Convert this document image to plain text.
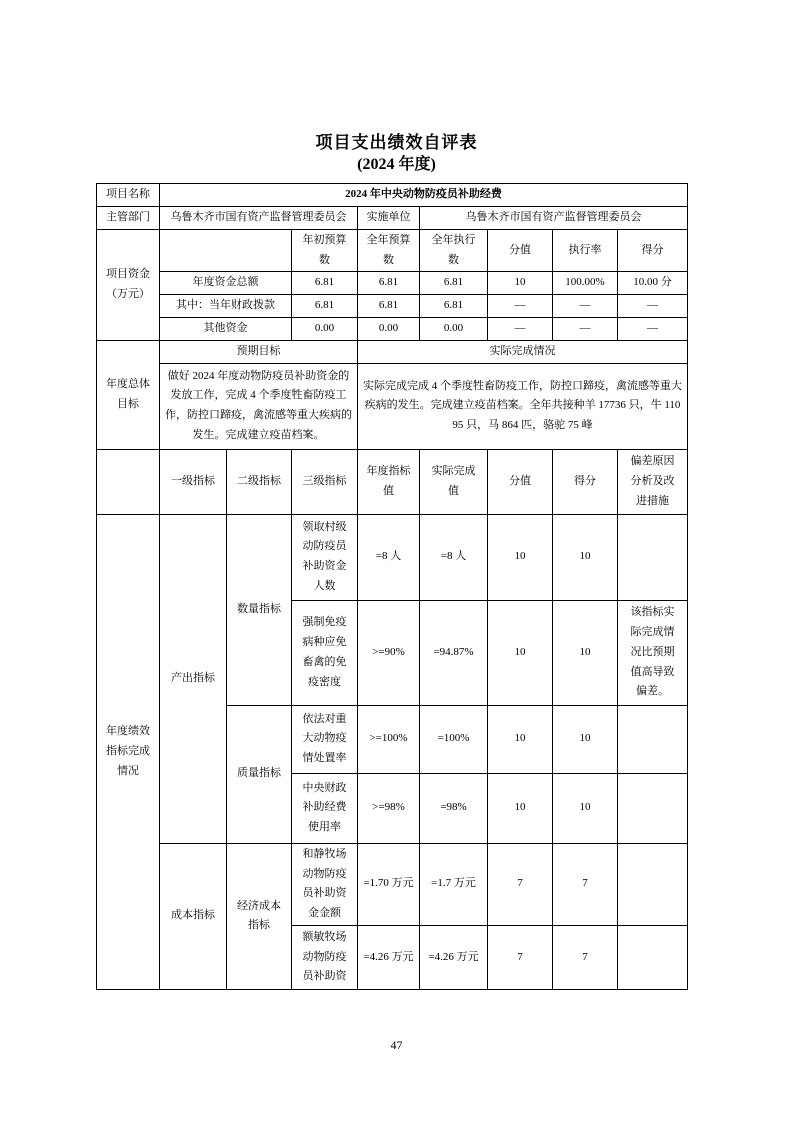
项目支出绩效自评表
(2024 年度)
项目名称	2024 年中央动物防疫员补助经费							
主管部门	乌鲁木齐市国有资产监督管理委员会			实施单位	乌鲁木齐市国有资产监督管理委员会			
项目资金（万元）			年初预算数	全年预算数	全年执行数	分值	执行率	得分
	年度资金总额		6.81	6.81	6.81	10	100.00%	10.00 分
	其中：当年财政拨款		6.81	6.81	6.81	—	—	—
	其他资金		0.00	0.00	0.00	—	—	—
年度总体目标	预期目标			实际完成情况				
	做好 2024 年度动物防疫员补助资金的发放工作，完成 4 个季度牲畜防疫工作，防控口蹄疫，禽流感等重大疾病的发生。完成建立疫苗档案。			实际完成完成 4 个季度牲畜防疫工作，防控口蹄疫，禽流感等重大疾病的发生。完成建立疫苗档案。全年共接种羊 17736 只，牛 11095 只，马 864 匹，骆驼 75 峰				
	一级指标	二级指标	三级指标	年度指标值	实际完成值	分值	得分	偏差原因分析及改进措施
年度绩效指标完成情况	产出指标	数量指标	领取村级动防疫员补助资金人数	=8 人	=8 人	10	10	
			强制免疫病种应免畜禽的免疫密度	>=90%	=94.87%	10	10	该指标实际完成情况比预期值高导致偏差。
		质量指标	依法对重大动物疫情处置率	>=100%	=100%	10	10	
			中央财政补助经费使用率	>=98%	=98%	10	10	
	成本指标	经济成本指标	和静牧场动物防疫员补助资金金额	=1.70 万元	=1.7 万元	7	7	
			额敏牧场动物防疫员补助资	=4.26 万元	=4.26 万元	7	7	
47
